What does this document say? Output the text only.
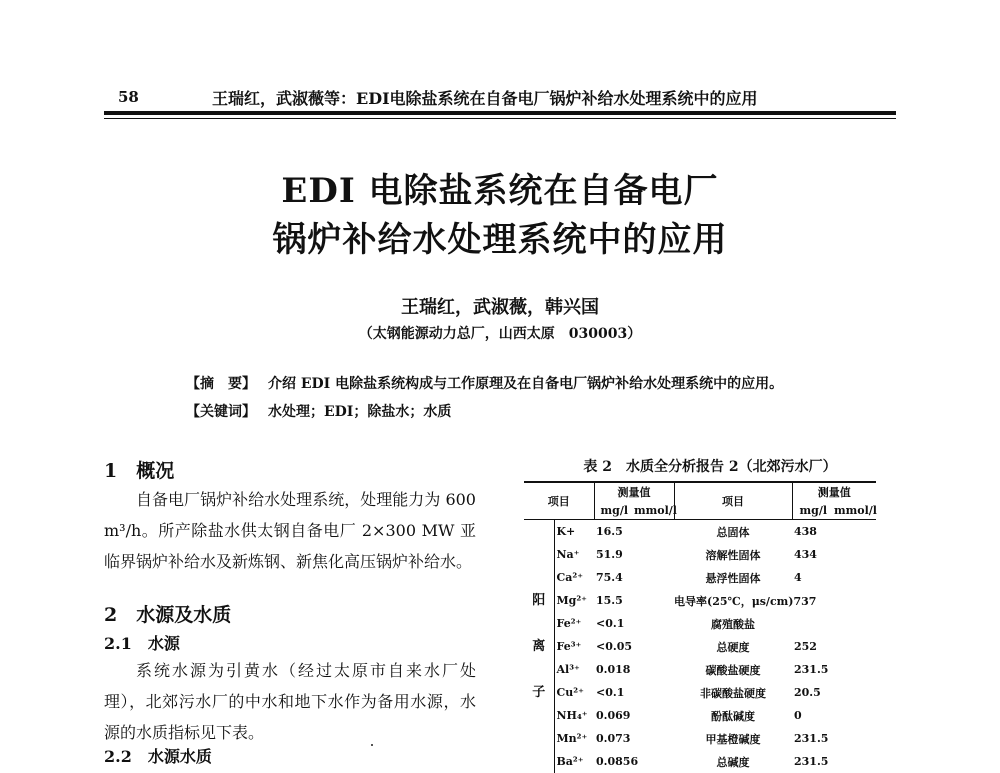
58	王瑞红，武淑薇等：EDI电除盐系统在自备电厂锅炉补给水处理系统中的应用
EDI 电除盐系统在自备电厂
锅炉补给水处理系统中的应用
王瑞红，武淑薇，韩兴国
（太钢能源动力总厂，山西太原　030003）
【摘　要】 介绍 EDI 电除盐系统构成与工作原理及在自备电厂锅炉补给水处理系统中的应用。
【关键词】 水处理；EDI；除盐水；水质
1　概况

自备电厂锅炉补给水处理系统，处理能力为 600 m³/h。所产除盐水供太钢自备电厂 2×300 MW 亚临界锅炉补给水及新炼钢、新焦化高压锅炉补给水。

2　水源及水质
2.1　水源

系统水源为引黄水（经过太原市自来水厂处理），北郊污水厂的中水和地下水作为备用水源，水源的水质指标见下表。

2.2　水源水质
表 2　水质全分析报告 2（北郊污水厂）
项目		测量值		项目	测量值	
		mg/l	mmol/l		mg/l	mmol/l
阳
离
子	K+	16.5		总固体	438	
	Na⁺	51.9		溶解性固体	434	
	Ca²⁺	75.4		悬浮性固体	4	
	Mg²⁺	15.5		电导率(25℃，μs/cm)737		
	Fe²⁺	<0.1		腐殖酸盐		
	Fe³⁺	<0.05		总硬度	252	
	Al³⁺	0.018		碳酸盐硬度	231.5	
	Cu²⁺	<0.1		非碳酸盐硬度	20.5	
	NH₄⁺	0.069		酚酞碱度	0	
	Mn²⁺	0.073		甲基橙碱度	231.5	
	Ba²⁺	0.0856		总碱度	231.5	
